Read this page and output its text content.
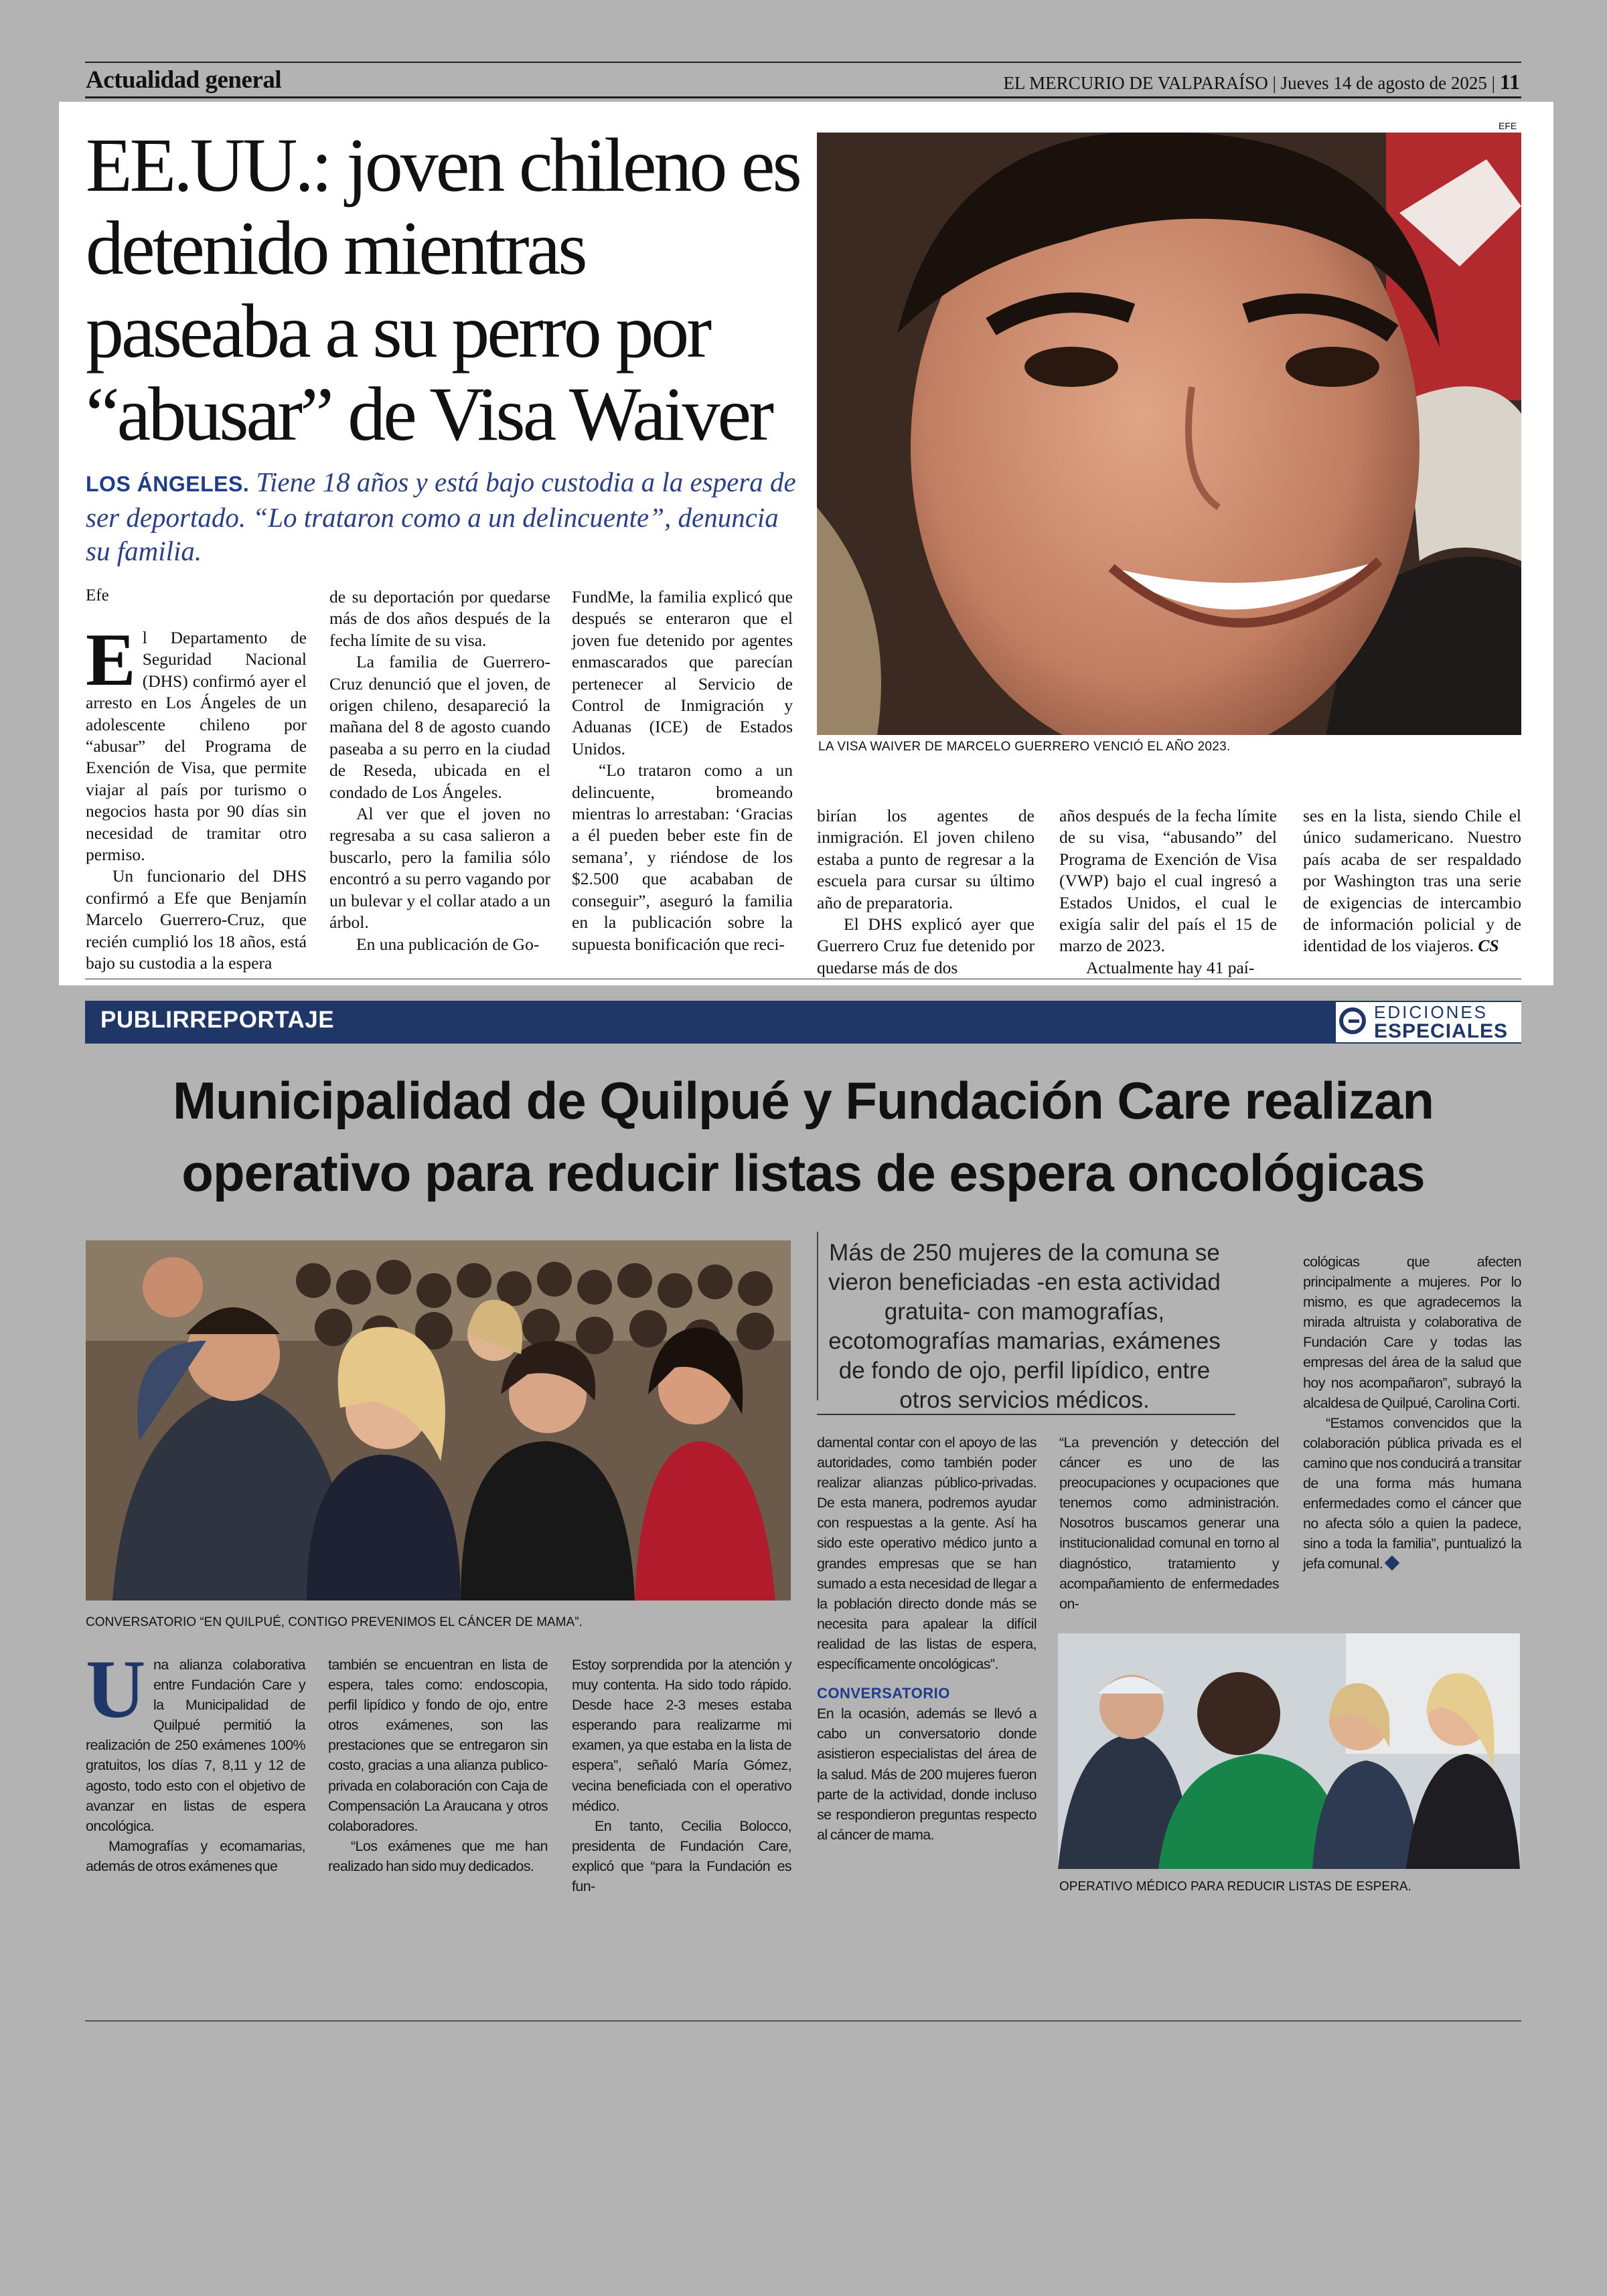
Actualidad general	EL MERCURIO DE VALPARAÍSO | Jueves 14 de agosto de 2025 | 11
EE.UU.: joven chileno es detenido mientras paseaba a su perro por “abusar” de Visa Waiver
LOS ÁNGELES. Tiene 18 años y está bajo custodia a la espera de ser deportado. “Lo trataron como a un delincuente”, denuncia su familia.
Efe

El Departamento de Seguridad Nacional (DHS) confirmó ayer el arresto en Los Ángeles de un adolescente chileno por “abusar” del Programa de Exención de Visa, que permite viajar al país por turismo o negocios hasta por 90 días sin necesidad de tramitar otro permiso.

Un funcionario del DHS confirmó a Efe que Benjamín Marcelo Guerrero-Cruz, que recién cumplió los 18 años, está bajo su custodia a la espera

de su deportación por quedarse más de dos años después de la fecha límite de su visa.

La familia de Guerrero-Cruz denunció que el joven, de origen chileno, desapareció la mañana del 8 de agosto cuando paseaba a su perro en la ciudad de Reseda, ubicada en el condado de Los Ángeles.

Al ver que el joven no regresaba a su casa salieron a buscarlo, pero la familia sólo encontró a su perro vagando por un bulevar y el collar atado a un árbol.

En una publicación de Go-

FundMe, la familia explicó que después se enteraron que el joven fue detenido por agentes enmascarados que parecían pertenecer al Servicio de Control de Inmigración y Aduanas (ICE) de Estados Unidos.

“Lo trataron como a un delincuente, bromeando mientras lo arrestaban: ‘Gracias a él pueden beber este fin de semana’, y riéndose de los $2.500 que acababan de conseguir”, aseguró la familia en la publicación sobre la supuesta bonificación que reci-

birían los agentes de inmigración. El joven chileno estaba a punto de regresar a la escuela para cursar su último año de preparatoria.

El DHS explicó ayer que Guerrero Cruz fue detenido por quedarse más de dos

años después de la fecha límite de su visa, “abusando” del Programa de Exención de Visa (VWP) bajo el cual ingresó a Estados Unidos, el cual le exigía salir del país el 15 de marzo de 2023.

Actualmente hay 41 paí-

ses en la lista, siendo Chile el único sudamericano. Nuestro país acaba de ser respaldado por Washington tras una serie de exigencias de intercambio de información policial y de identidad de los viajeros. CS

EFE
LA VISA WAIVER DE MARCELO GUERRERO VENCIÓ EL AÑO 2023.
PUBLIRREPORTAJE	EDICIONES
ESPECIALES
Municipalidad de Quilpué y Fundación Care realizan
operativo para reducir listas de espera oncológicas
CONVERSATORIO “EN QUILPUÉ, CONTIGO PREVENIMOS EL CÁNCER DE MAMA”.
Más de 250 mujeres de la comuna se vieron beneficiadas -en esta actividad gratuita- con mamografías, ecotomografías mamarias, exámenes de fondo de ojo, perfil lipídico, entre otros servicios médicos.

Una alianza colaborativa entre Fundación Care y la Municipalidad de Quilpué permitió la realización de 250 exámenes 100% gratuitos, los días 7, 8,11 y 12 de agosto, todo esto con el objetivo de avanzar en listas de espera oncológica.

Mamografías y ecomamarias, además de otros exámenes que

también se encuentran en lista de espera, tales como: endoscopia, perfil lipídico y fondo de ojo, entre otros exámenes, son las prestaciones que se entregaron sin costo, gracias a una alianza publico-privada en colaboración con Caja de Compensación La Araucana y otros colaboradores.

“Los exámenes que me han realizado han sido muy dedicados.

Estoy sorprendida por la atención y muy contenta. Ha sido todo rápido. Desde hace 2-3 meses estaba esperando para realizarme mi examen, ya que estaba en la lista de espera”, señaló María Gómez, vecina beneficiada con el operativo médico.

En tanto, Cecilia Bolocco, presidenta de Fundación Care, explicó que “para la Fundación es fun-

damental contar con el apoyo de las autoridades, como también poder realizar alianzas público-privadas. De esta manera, podremos ayudar con respuestas a la gente. Así ha sido este operativo médico junto a grandes empresas que se han sumado a esta necesidad de llegar a la población directo donde más se necesita para apalear la difícil realidad de las listas de espera, específicamente oncológicas”.

CONVERSATORIO

En la ocasión, además se llevó a cabo un conversatorio donde asistieron especialistas del área de la salud. Más de 200 mujeres fueron parte de la actividad, donde incluso se respondieron preguntas respecto al cáncer de mama.

“La prevención y detección del cáncer es uno de las preocupaciones y ocupaciones que tenemos como administración. Nosotros buscamos generar una institucionalidad comunal en torno al diagnóstico, tratamiento y acompañamiento de enfermedades on-

cológicas que afecten principalmente a mujeres. Por lo mismo, es que agradecemos la mirada altruista y colaborativa de Fundación Care y todas las empresas del área de la salud que hoy nos acompañaron”, subrayó la alcaldesa de Quilpué, Carolina Corti.

“Estamos convencidos que la colaboración pública privada es el camino que nos conducirá a transitar de una forma más humana enfermedades como el cáncer que no afecta sólo a quien la padece, sino a toda la familia”, puntualizó la jefa comunal.

OPERATIVO MÉDICO PARA REDUCIR LISTAS DE ESPERA.
